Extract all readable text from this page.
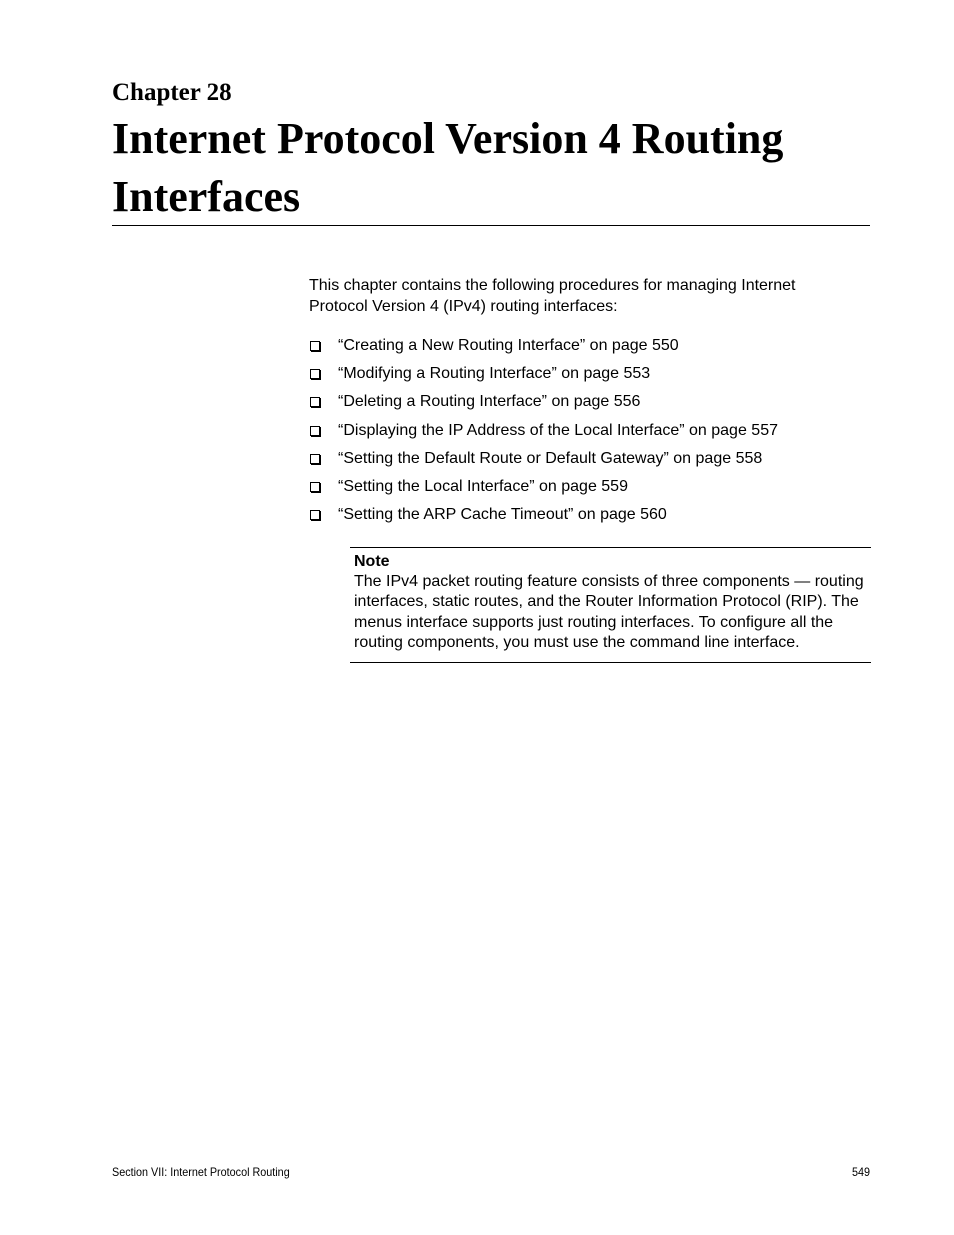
Chapter 28
Internet Protocol Version 4 Routing Interfaces

This chapter contains the following procedures for managing Internet Protocol Version 4 (IPv4) routing interfaces:

“Creating a New Routing Interface” on page 550
“Modifying a Routing Interface” on page 553
“Deleting a Routing Interface” on page 556
“Displaying the IP Address of the Local Interface” on page 557
“Setting the Default Route or Default Gateway” on page 558
“Setting the Local Interface” on page 559
“Setting the ARP Cache Timeout” on page 560

Note

The IPv4 packet routing feature consists of three components — routing interfaces, static routes, and the Router Information Protocol (RIP). The menus interface supports just routing interfaces. To configure all the routing components, you must use the command line interface.

Section VII: Internet Protocol Routing	549
